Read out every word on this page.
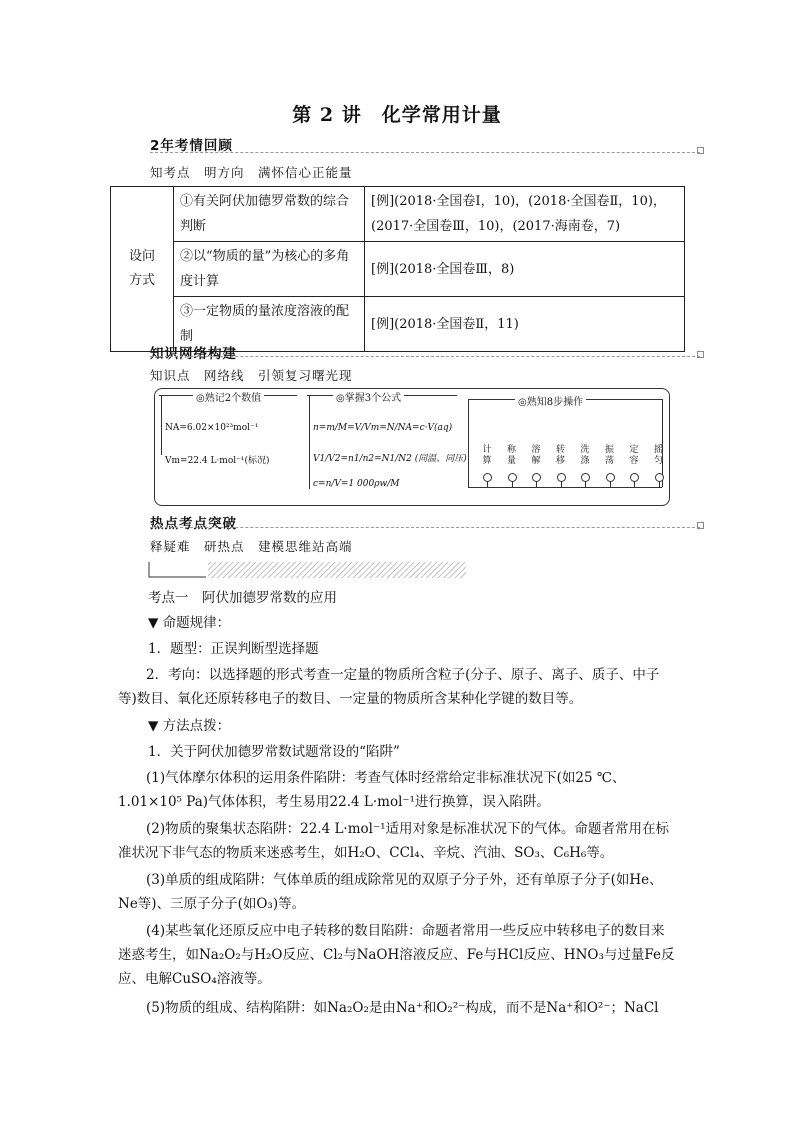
第 2 讲　化学常用计量
2年考情回顾
知考点　明方向　满怀信心正能量
设问方式	①有关阿伏加德罗常数的综合判断	[例](2018·全国卷Ⅰ，10)，(2018·全国卷Ⅱ，10)，(2017·全国卷Ⅲ，10)，(2017·海南卷，7)
	②以“物质的量”为核心的多角度计算	[例](2018·全国卷Ⅲ，8)
	③一定物质的量浓度溶液的配制	[例](2018·全国卷Ⅱ，11)
知识网络构建
知识点　网络线　引领复习曙光现
◎熟记2个数值
NA=6.02×10²³mol⁻¹
Vm=22.4 L·mol⁻¹(标况)
◎掌握3个公式
n=m/M=V/Vm=N/NA=c·V(aq)
V1/V2=n1/n2=N1/N2 (同温、同压)
c=n/V=1 000ρw/M
◎熟知8步操作
计
算
称
量
溶
解
转
移
洗
涤
振
荡
定
容
摇
匀
热点考点突破
释疑难　研热点　建模思维站高端
考点一　阿伏加德罗常数的应用
▼ 命题规律：
1．题型：正误判断型选择题
2．考向：以选择题的形式考查一定量的物质所含粒子(分子、原子、离子、质子、中子等)数目、氧化还原转移电子的数目、一定量的物质所含某种化学键的数目等。
▼ 方法点拨：
1．关于阿伏加德罗常数试题常设的“陷阱”
(1)气体摩尔体积的运用条件陷阱：考查气体时经常给定非标准状况下(如25 ℃、1.01×10⁵ Pa)气体体积，考生易用22.4 L·mol⁻¹进行换算，误入陷阱。
(2)物质的聚集状态陷阱：22.4 L·mol⁻¹适用对象是标准状况下的气体。命题者常用在标准状况下非气态的物质来迷惑考生，如H₂O、CCl₄、辛烷、汽油、SO₃、C₆H₆等。
(3)单质的组成陷阱：气体单质的组成除常见的双原子分子外，还有单原子分子(如He、Ne等)、三原子分子(如O₃)等。
(4)某些氧化还原反应中电子转移的数目陷阱：命题者常用一些反应中转移电子的数目来迷惑考生，如Na₂O₂与H₂O反应、Cl₂与NaOH溶液反应、Fe与HCl反应、HNO₃与过量Fe反应、电解CuSO₄溶液等。
(5)物质的组成、结构陷阱：如Na₂O₂是由Na⁺和O₂²⁻构成，而不是Na⁺和O²⁻；NaCl
